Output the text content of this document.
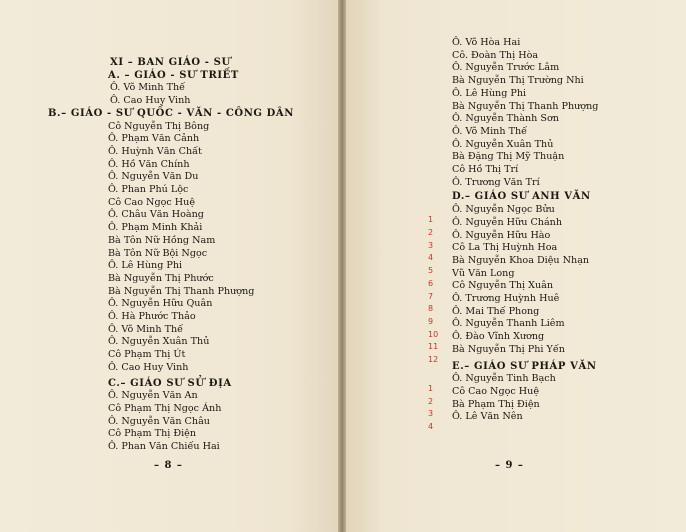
XI – BAN GIÁO - SƯ
A. – GIÁO - SƯ TRIẾT
Ô. Võ Minh Thế
Ô. Cao Huy Vinh
B.– GIÁO - SƯ QUỐC - VĂN - CÔNG DÂN
Cô Nguyễn Thị Bông
Ô. Phạm Văn Cảnh
Ô. Huỳnh Văn Chất
Ô. Hồ Văn Chính
Ô. Nguyễn Văn Du
Ô. Phan Phú Lộc
Cô Cao Ngọc Huệ
Ô. Châu Văn Hoàng
Ô. Phạm Minh Khải
Bà Tôn Nữ Hồng Nam
Bà Tôn Nữ Bội Ngọc
Ô. Lê Hùng Phi
Bà Nguyễn Thị Phước
Bà Nguyễn Thị Thanh Phượng
Ô. Nguyễn Hữu Quân
Ô. Hà Phước Thảo
Ô. Võ Minh Thế
Ô. Nguyễn Xuân Thủ
Cô Phạm Thị Út
Ô. Cao Huy Vinh
C.– GIÁO SƯ SỬ ĐỊA
Ô. Nguyễn Văn An
Cô Phạm Thị Ngọc Ánh
Ô. Nguyễn Văn Châu
Cô Phạm Thị Điện
Ô. Phan Văn Chiếu Hai
– 8 –
1
2
3
4
5
6
7
8
9
10
11
12
1
2
3
4
Ô. Võ Hòa Hai
Cô. Đoàn Thị Hòa
Ô. Nguyễn Trước Lâm
Bà Nguyễn Thị Trường Nhi
Ô. Lê Hùng Phi
Bà Nguyễn Thị Thanh Phượng
Ô. Nguyễn Thành Sơn
Ô. Võ Minh Thế
Ô. Nguyễn Xuân Thủ
Bà Đặng Thị Mỹ Thuận
Cô Hồ Thị Trí
Ô. Trương Văn Trí
D.– GIÁO SƯ ANH VĂN
Ô. Nguyễn Ngọc Bửu
Ô. Nguyễn Hữu Chánh
Ô. Nguyễn Hữu Hào
Cô La Thị Huỳnh Hoa
Bà Nguyễn Khoa Diệu Nhạn
Vũ Văn Long
Cô Nguyễn Thị Xuân
Ô. Trương Huỳnh Huê
Ô. Mai Thế Phong
Ô. Nguyễn Thanh Liêm
Ô. Đào Vĩnh Xương
Bà Nguyễn Thị Phi Yến
E.– GIÁO SƯ PHÁP VĂN
Ô. Nguyễn Tinh Bạch
Cô Cao Ngọc Huệ
Bà Phạm Thị Điện
Ô. Lê Văn Nên
– 9 –
